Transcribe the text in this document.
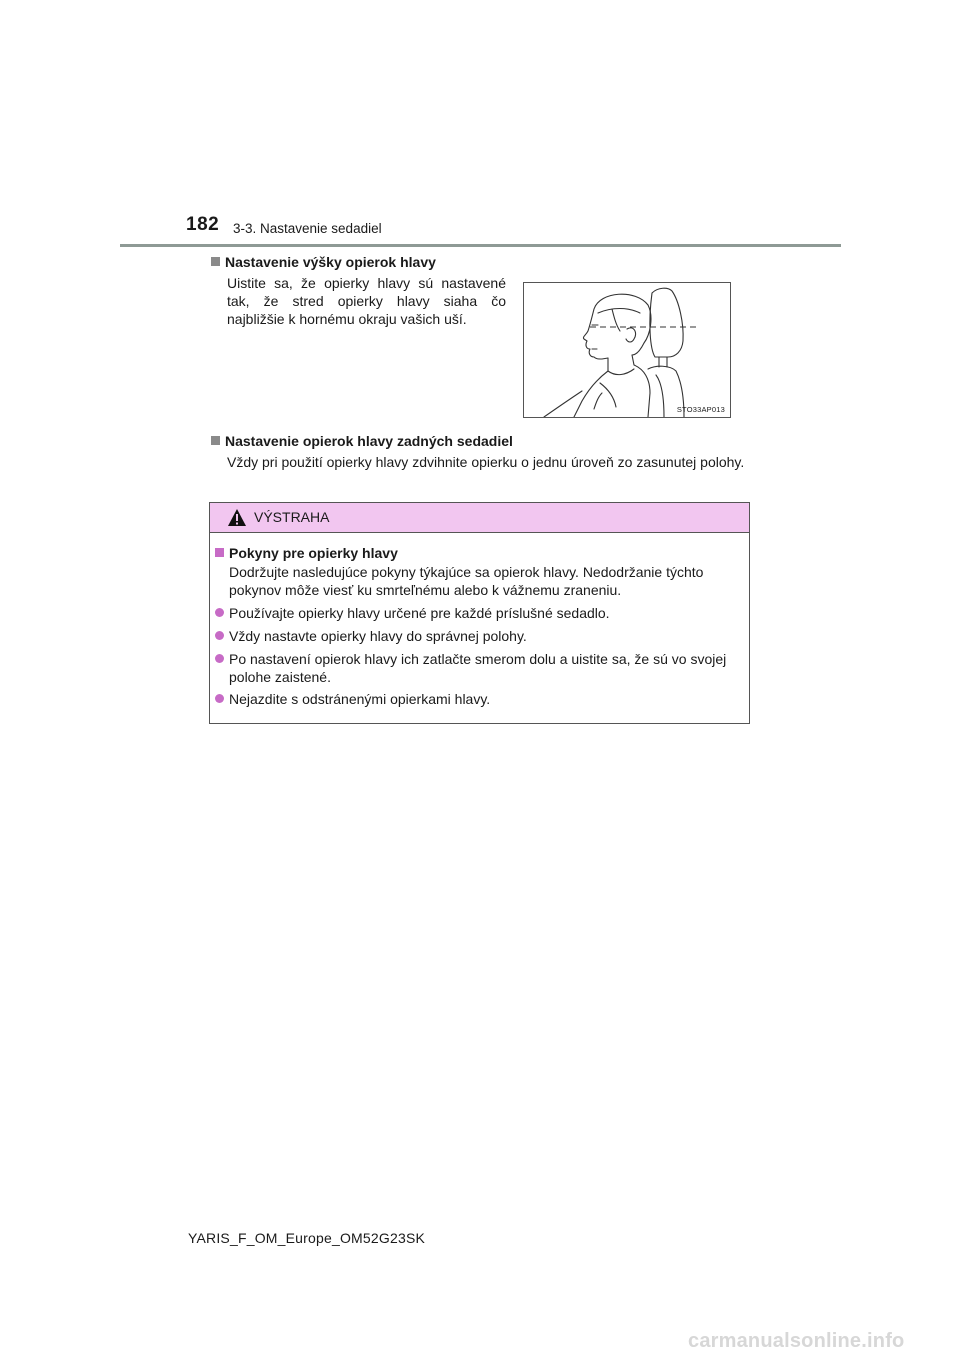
182 3-3. Nastavenie sedadiel
Nastavenie výšky opierok hlavy
Uistite sa, že opierky hlavy sú nastavené tak, že stred opierky hlavy siaha čo najbližšie k hornému okraju vašich uší.
STO33AP013
Nastavenie opierok hlavy zadných sedadiel
Vždy pri použití opierky hlavy zdvihnite opierku o jednu úroveň zo zasunutej polohy.
VÝSTRAHA
Pokyny pre opierky hlavy
Dodržujte nasledujúce pokyny týkajúce sa opierok hlavy. Nedodržanie týchto pokynov môže viesť ku smrteľnému alebo k vážnemu zraneniu.
Používajte opierky hlavy určené pre každé príslušné sedadlo.
Vždy nastavte opierky hlavy do správnej polohy.
Po nastavení opierok hlavy ich zatlačte smerom dolu a uistite sa, že sú vo svojej polohe zaistené.
Nejazdite s odstránenými opierkami hlavy.
YARIS_F_OM_Europe_OM52G23SK
carmanualsonline.info
